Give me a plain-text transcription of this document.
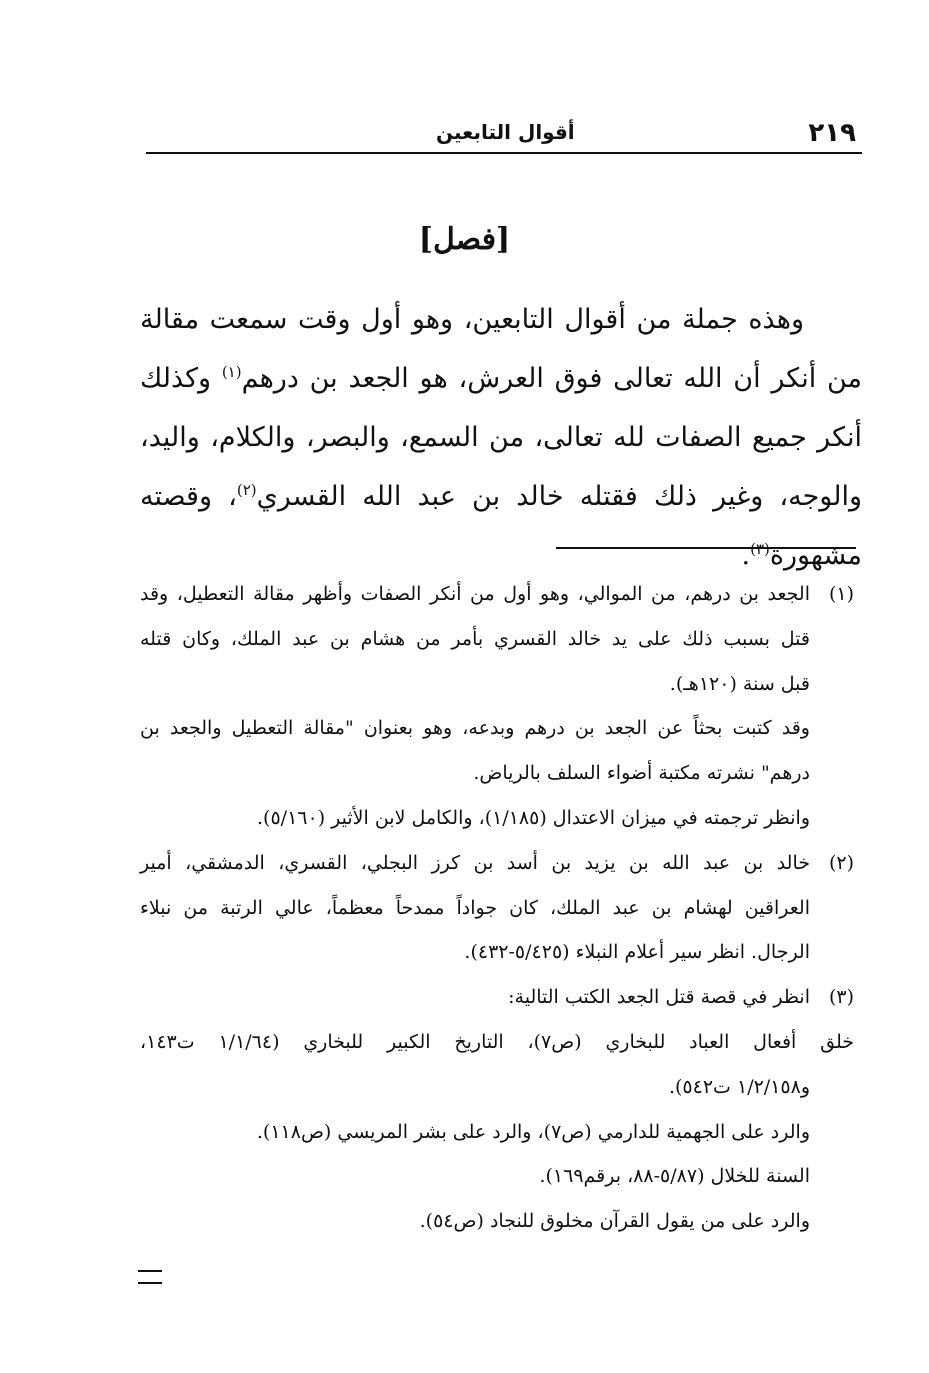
٢١٩
أقوال التابعين
[فصل]

وهذه جملة من أقوال التابعين، وهو أول وقت سمعت مقالة من أنكر أن الله تعالى فوق العرش، هو الجعد بن درهم$^{(١)}$ وكذلك أنكر جميع الصفات لله تعالى، من السمع، والبصر، والكلام، واليد، والوجه، وغير ذلك فقتله خالد بن عبد الله القسري$^{(٢)}$، وقصته مشهورة$^{(٣)}$.

(١)
الجعد بن درهم، من الموالي، وهو أول من أنكر الصفات وأظهر مقالة التعطيل، وقد
قتل بسبب ذلك على يد خالد القسري بأمر من هشام بن عبد الملك، وكان قتله
قبل سنة (١٢٠هـ).
وقد كتبت بحثاً عن الجعد بن درهم وبدعه، وهو بعنوان "مقالة التعطيل والجعد بن
درهم" نشرته مكتبة أضواء السلف بالرياض.
وانظر ترجمته في ميزان الاعتدال (١/١٨٥)، والكامل لابن الأثير (٥/١٦٠).
(٢)
خالد بن عبد الله بن يزيد بن أسد بن كرز البجلي، القسري، الدمشقي، أمير
العراقين لهشام بن عبد الملك، كان جواداً ممدحاً معظماً، عالي الرتبة من نبلاء
الرجال. انظر سير أعلام النبلاء (٥/٤٢٥-٤٣٢).
(٣)
انظر في قصة قتل الجعد الكتب التالية:
خلق أفعال العباد للبخاري (ص٧)، التاريخ الكبير للبخاري (١/١/٦٤ ت١٤٣،
و١/٢/١٥٨ ت٥٤٢).
والرد على الجهمية للدارمي (ص٧)، والرد على بشر المريسي (ص١١٨).
السنة للخلال (٥/٨٧-٨٨، برقم١٦٩).
والرد على من يقول القرآن مخلوق للنجاد (ص٥٤).
